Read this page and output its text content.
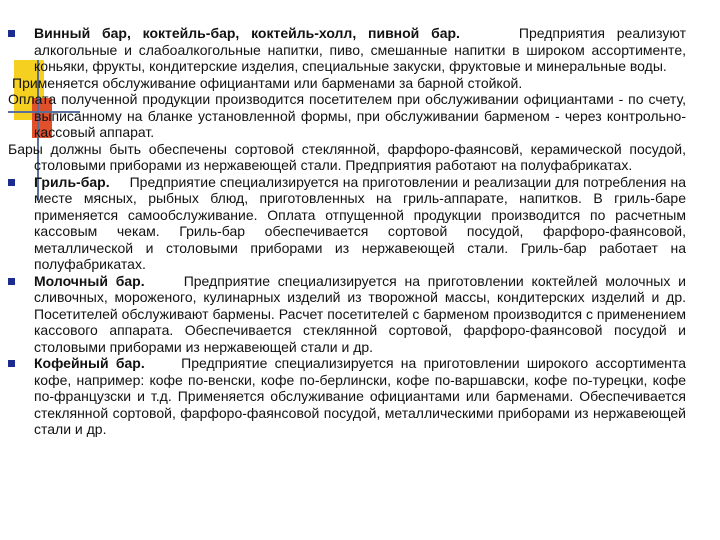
Винный бар, коктейль-бар, коктейль-холл, пивной бар.	Предприятия реализуют алкогольные и слабоалкогольные напитки, пиво, смешанные напитки в широком ассортименте, коньяки, фрукты, кондитерские изделия, специальные закуски, фруктовые и минеральные воды.

Применяется обслуживание официантами или барменами за барной стойкой.

Оплата полученной продукции производится посетителем при обслуживании официантами - по счету, выписанному на бланке установленной формы, при обслуживании барменом - через контрольно-кассовый аппарат.

Бары должны быть обеспечены сортовой стеклянной, фарфоро-фаянсовй, керамической посудой, столовыми приборами из нержавеющей стали. Предприятия работают на полуфабрикатах.

Гриль-бар. Предприятие специализируется на приготовлении и реализации для потребления на месте мясных, рыбных блюд, приготовленных на гриль-аппарате, напитков. В гриль-баре применяется самообслуживание. Оплата отпущенной продукции производится по расчетным кассовым чекам. Гриль-бар обеспечивается сортовой посудой, фарфоро-фаянсовой, металлической и столовыми приборами из нержавеющей стали. Гриль-бар работает на полуфабрикатах.

Молочный бар.	Предприятие специализируется на приготовлении коктейлей молочных и сливочных, мороженого, кулинарных изделий из творожной массы, кондитерских изделий и др. Посетителей обслуживают бармены. Расчет посетителей с барменом производится с применением кассового аппарата. Обеспечивается стеклянной сортовой, фарфоро-фаянсовой посудой и столовыми приборами из нержавеющей стали и др.

Кофейный бар.	Предприятие специализируется на приготовлении широкого ассортимента кофе, например: кофе по-венски, кофе по-берлински, кофе по-варшавски, кофе по-турецки, кофе по-французски и т.д. Применяется обслуживание официантами или барменами. Обеспечивается стеклянной сортовой, фарфоро-фаянсовой посудой, металлическими приборами из нержавеющей стали и др.
